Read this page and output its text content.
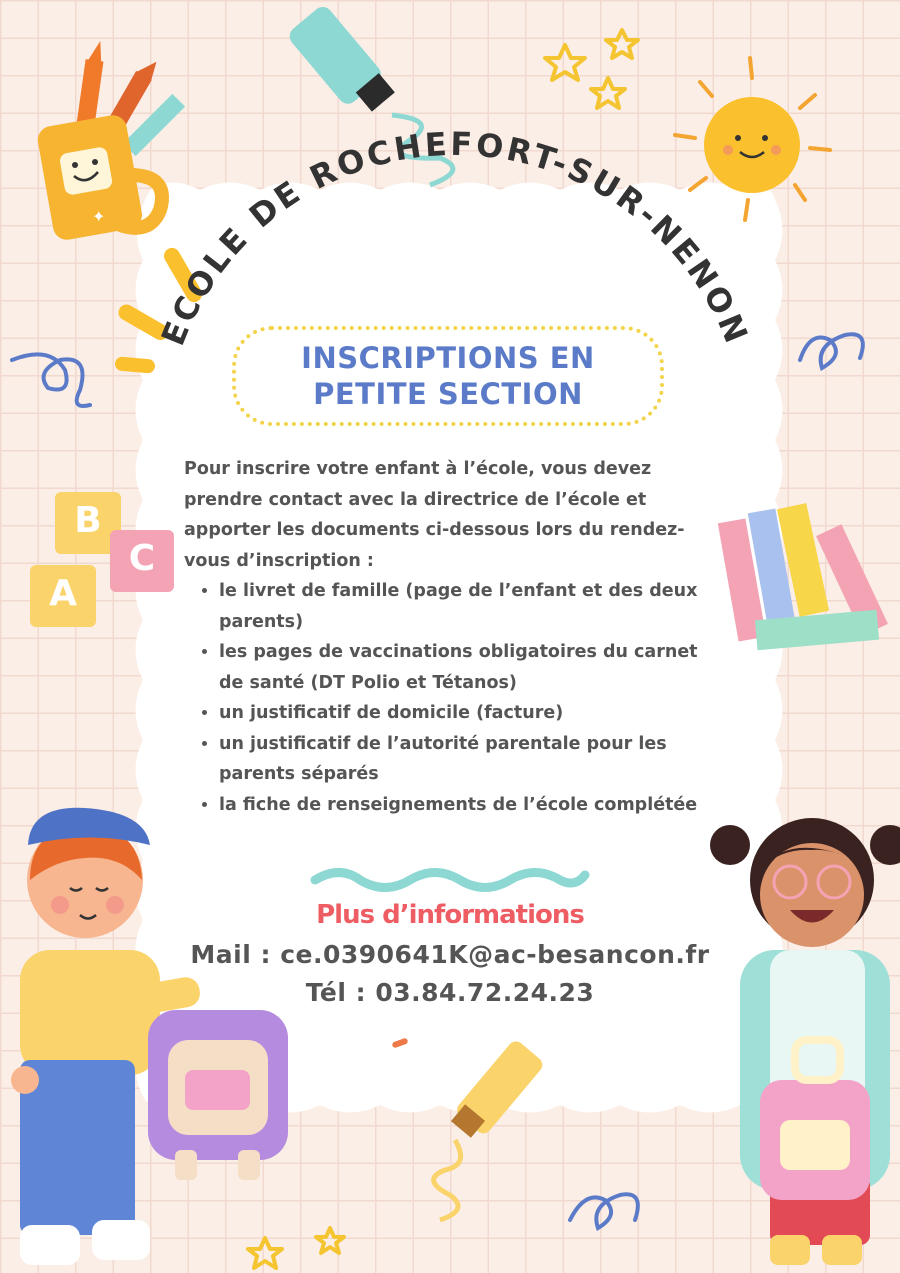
✦
ECOLE DE ROCHEFORT-SUR-NENON
B
C
A
INSCRIPTIONS EN
PETITE SECTION

Pour inscrire votre enfant à l’école, vous devez prendre contact avec la directrice de l’école et apporter les documents ci-dessous lors du rendez-vous d’inscription :

• le livret de famille (page de l’enfant et des deux parents)
• les pages de vaccinations obligatoires du carnet de santé (DT Polio et Tétanos)
• un justificatif de domicile (facture)
• un justificatif de l’autorité parentale pour les parents séparés
• la fiche de renseignements de l’école complétée
Plus d’informations
Mail : ce.0390641K@ac-besancon.fr
Tél : 03.84.72.24.23
